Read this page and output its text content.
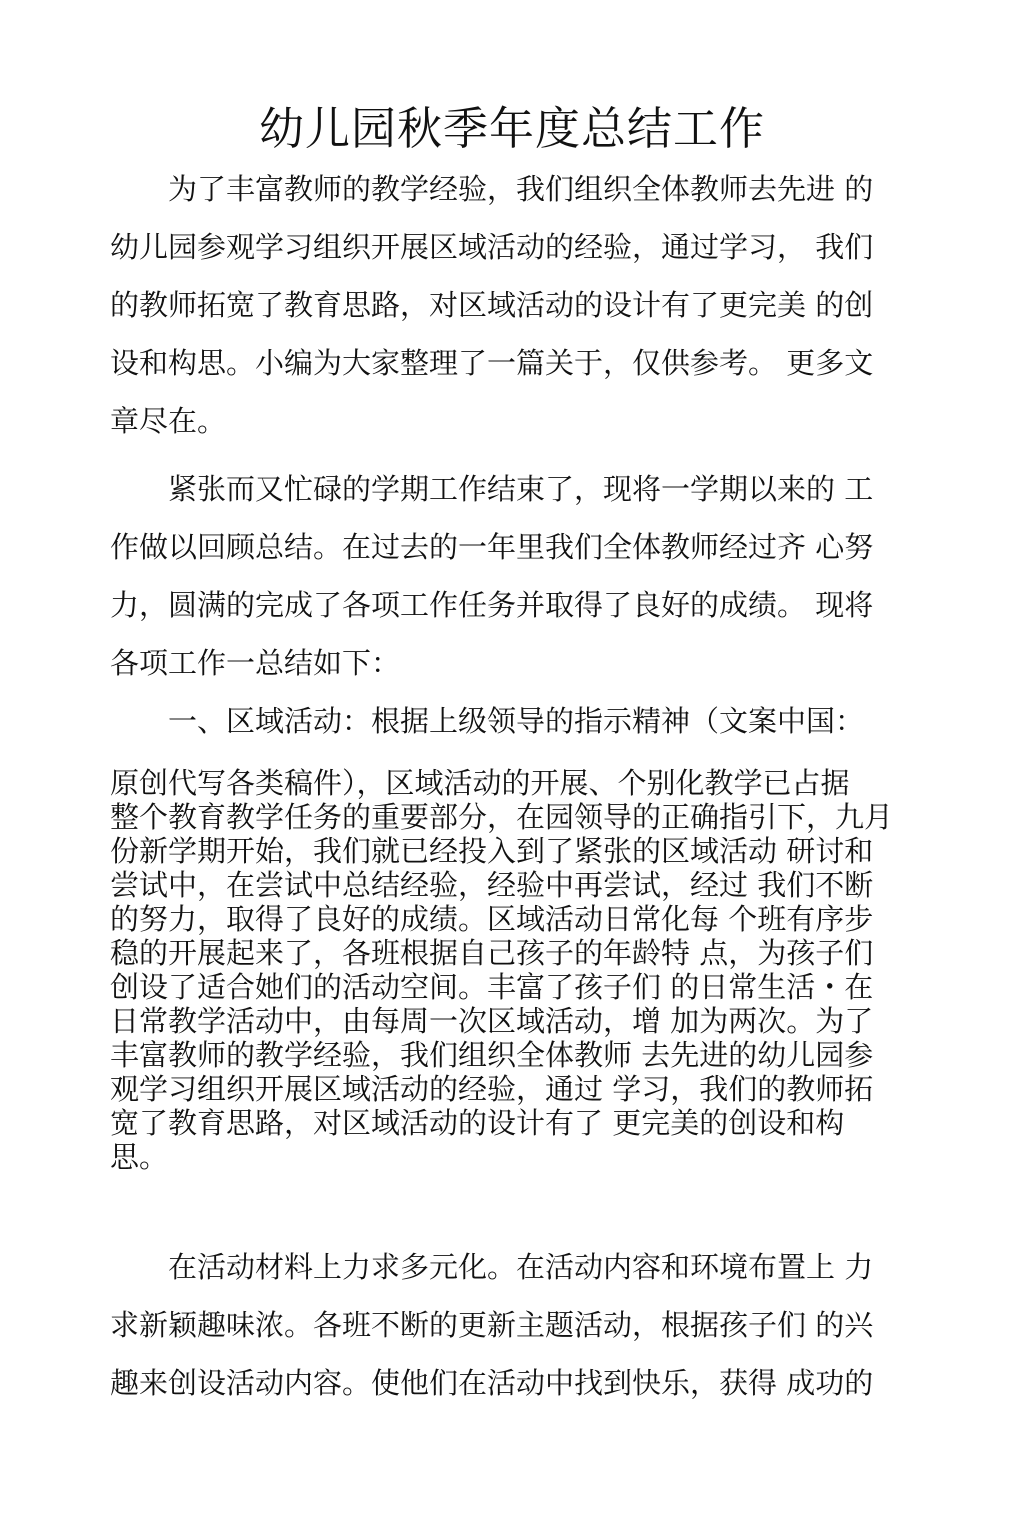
幼儿园秋季年度总结工作

　　为了丰富教师的教学经验，我们组织全体教师去先进 的
幼儿园参观学习组织开展区域活动的经验，通过学习， 我们
的教师拓宽了教育思路，对区域活动的设计有了更完美 的创
设和构思。小编为大家整理了一篇关于，仅供参考。 更多文
章尽在。

　　紧张而又忙碌的学期工作结束了，现将一学期以来的 工
作做以回顾总结。在过去的一年里我们全体教师经过齐 心努
力，圆满的完成了各项工作任务并取得了良好的成绩。 现将
各项工作一总结如下：

　　一、区域活动：根据上级领导的指示精神（文案中国：

原创代写各类稿件），区域活动的开展、个别化教学已占据
整个教育教学任务的重要部分，在园领导的正确指引下，九月
份新学期开始，我们就已经投入到了紧张的区域活动 研讨和
尝试中，在尝试中总结经验，经验中再尝试，经过 我们不断
的努力，取得了良好的成绩。区域活动日常化每 个班有序步
稳的开展起来了，各班根据自己孩子的年龄特 点，为孩子们
创设了适合她们的活动空间。丰富了孩子们 的日常生活・在
日常教学活动中，由每周一次区域活动，增 加为两次。为了
丰富教师的教学经验，我们组织全体教师 去先进的幼儿园参
观学习组织开展区域活动的经验，通过 学习，我们的教师拓
宽了教育思路，对区域活动的设计有了 更完美的创设和构
思。

　　在活动材料上力求多元化。在活动内容和环境布置上 力
求新颖趣味浓。各班不断的更新主题活动，根据孩子们 的兴
趣来创设活动内容。使他们在活动中找到快乐，获得 成功的
